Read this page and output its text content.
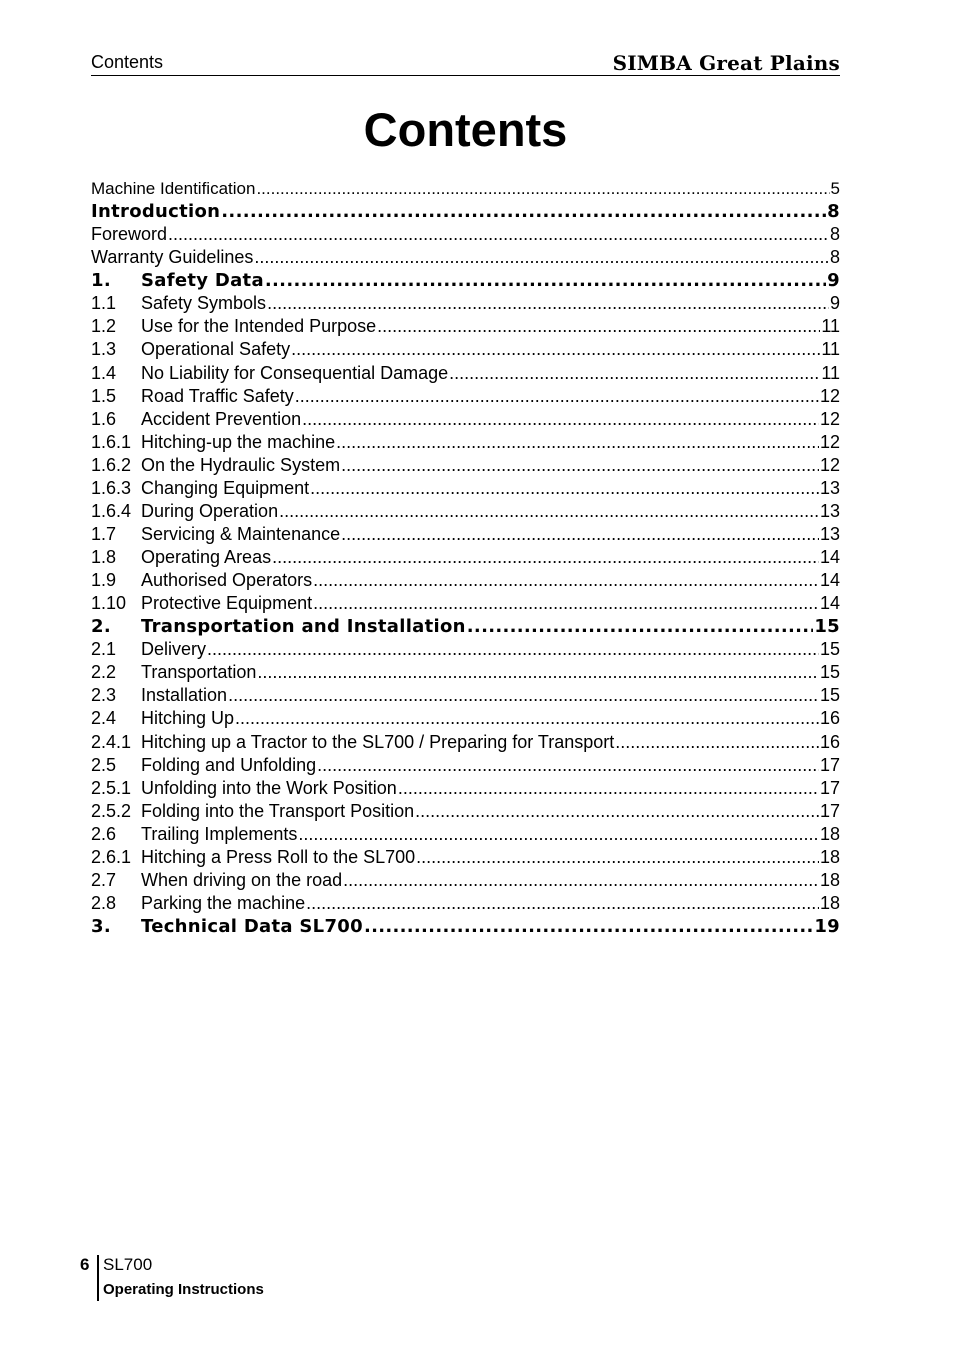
Contents	SIMBA Great Plains
Contents
Machine Identification .....	5
Introduction .....	8
Foreword .....	8
Warranty Guidelines .....	8
1.	Safety Data .....	9
1.1	Safety Symbols .....	9
1.2	Use for the Intended Purpose .....	11
1.3	Operational Safety .....	11
1.4	No Liability for Consequential Damage .....	11
1.5	Road Traffic Safety .....	12
1.6	Accident Prevention .....	12
1.6.1 Hitching-up the machine .....	12
1.6.2 On the Hydraulic System .....	12
1.6.3 Changing Equipment .....	13
1.6.4 During Operation .....	13
1.7	Servicing & Maintenance .....	13
1.8	Operating Areas .....	14
1.9	Authorised Operators .....	14
1.10 Protective Equipment .....	14
2.	Transportation and Installation .....	15
2.1	Delivery .....	15
2.2	Transportation .....	15
2.3	Installation .....	15
2.4	Hitching Up .....	16
2.4.1 Hitching up a Tractor to the SL700 / Preparing for Transport .....	16
2.5	Folding and Unfolding .....	17
2.5.1 Unfolding into the Work Position .....	17
2.5.2 Folding into the Transport Position .....	17
2.6	Trailing Implements .....	18
2.6.1 Hitching a Press Roll to the SL700 .....	18
2.7	When driving on the road .....	18
2.8	Parking the machine .....	18
3.	Technical Data SL700 .....	19
6 SL700
Operating Instructions
